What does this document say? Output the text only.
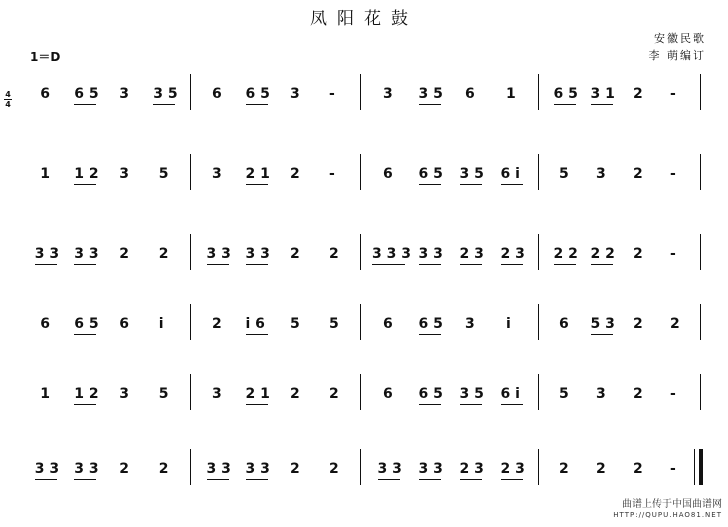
凤阳花鼓
安徽民歌
李 萌编订
1＝D
4
4
6 6 5 3 3 5 6 6 5 3 -	3 3 5 6 1	6 5 3 1 2 -
1 1 2 3 5	3 2 1 2 -	6 6 5 3 5 6 i	5 3 2 -
3 3 3 3 2 2	3 3 3 3 2 2 3 3 3 3 3 2 3 2 3 2 2 2 2 2 -
6 6 5 6 i	2 i 6 5 5	6 6 5 3 i	6 5 3 2 2
1 1 2 3 5	3 2 1 2 2	6 6 5 3 5 6 i	5 3 2 -
3 3 3 3 2 2	3 3 3 3 2 2	3 3 3 3 2 3 2 3 2 2 2 -
曲谱上传于中国曲谱网
HTTP://QUPU.HAO81.NET
